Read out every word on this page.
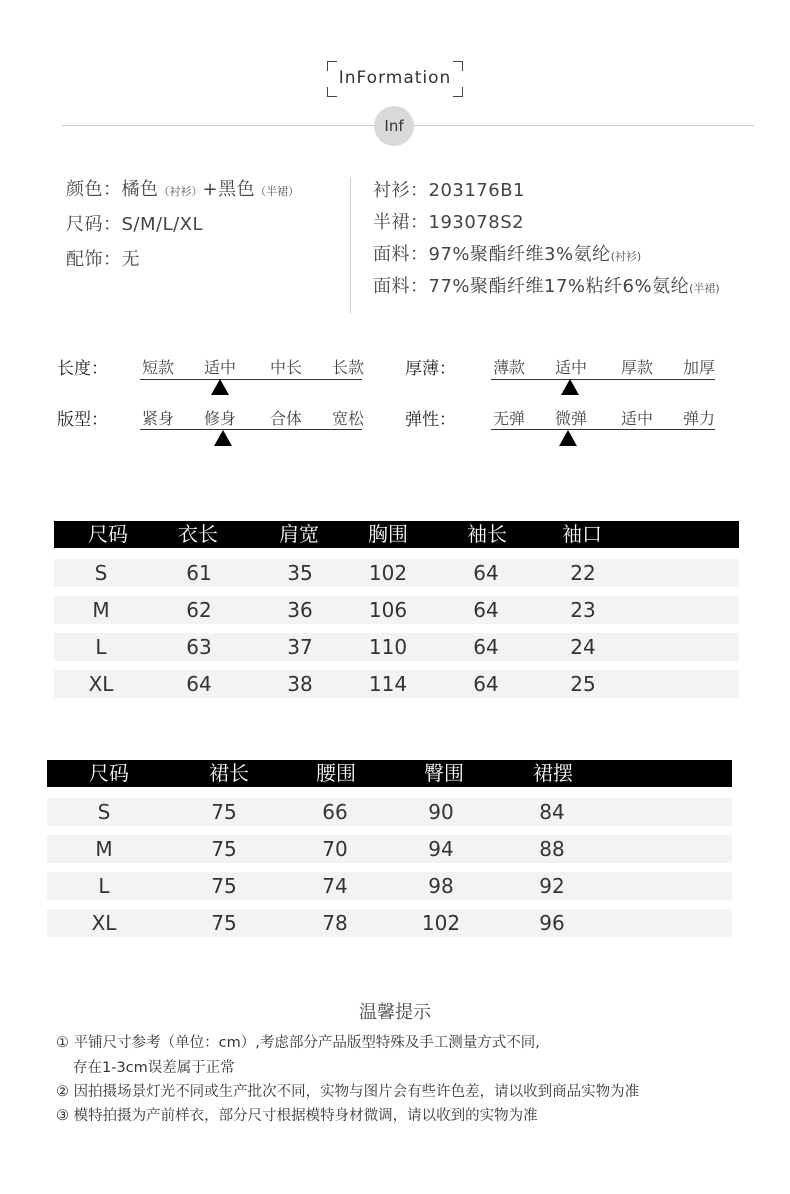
InFormation
Inf
颜色：橘色（衬衫）+黑色（半裙）
尺码：S/M/L/XL
配饰：无
衬衫：203176B1
半裙：193078S2
面料：97%聚酯纤维3%氨纶(衬衫)
面料：77%聚酯纤维17%粘纤6%氨纶(半裙)
长度：	短款	适中	中长	长款	厚薄：	薄款	适中	厚款	加厚
版型：	紧身	修身	合体	宽松	弹性：	无弹	微弹	适中	弹力
尺码	衣长	肩宽	胸围	袖长	袖口
S	61	35	102	64	22
M	62	36	106	64	23
L	63	37	110	64	24
XL	64	38	114	64	25
尺码	裙长	腰围	臀围	裙摆
S	75	66	90	84
M	75	70	94	88
L	75	74	98	92
XL	75	78	102	96
温馨提示
① 平铺尺寸参考（单位：cm）,考虑部分产品版型特殊及手工测量方式不同,
存在1-3cm误差属于正常
② 因拍摄场景灯光不同或生产批次不同，实物与图片会有些许色差，请以收到商品实物为准
③ 模特拍摄为产前样衣，部分尺寸根据模特身材微调，请以收到的实物为准
